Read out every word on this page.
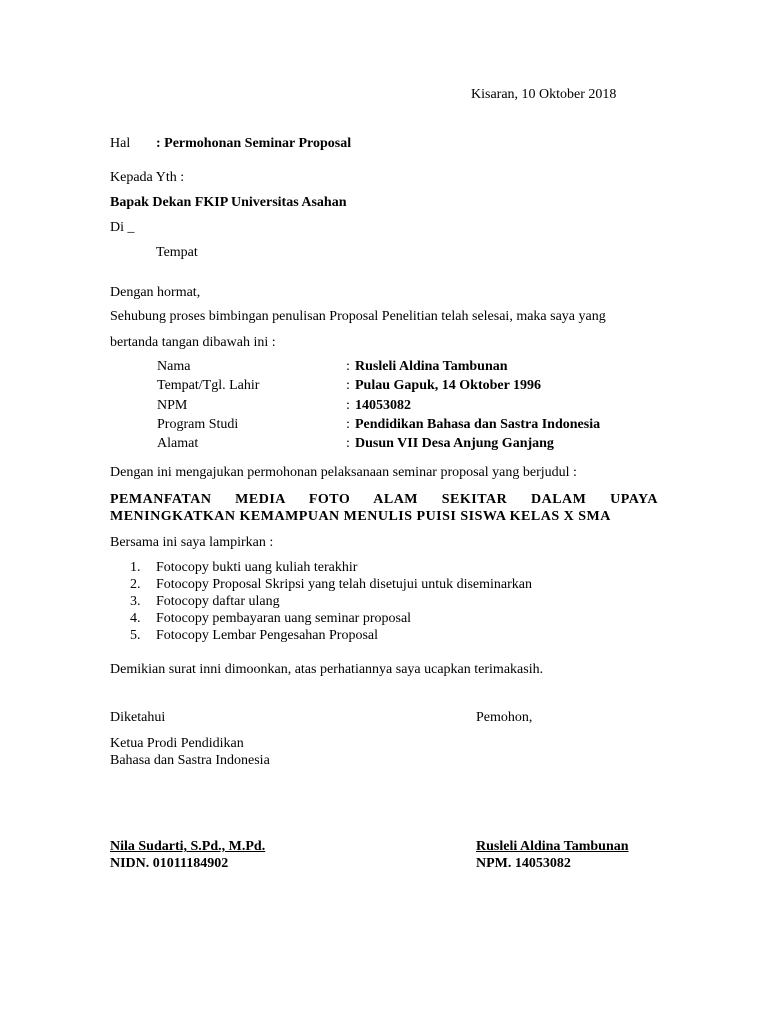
Kisaran, 10 Oktober 2018
Hal : Permohonan Seminar Proposal
Kepada Yth :
Bapak Dekan FKIP Universitas Asahan
Di _
Tempat
Dengan hormat,
Sehubung proses bimbingan penulisan Proposal Penelitian telah selesai, maka saya yang
bertanda tangan dibawah ini :
Nama	: Rusleli Aldina Tambunan
Tempat/Tgl. Lahir	: Pulau Gapuk, 14 Oktober 1996
NPM	: 14053082
Program Studi	: Pendidikan Bahasa dan Sastra Indonesia
Alamat	: Dusun VII Desa Anjung Ganjang
Dengan ini mengajukan permohonan pelaksanaan seminar proposal yang berjudul :
PEMANFATAN MEDIA FOTO ALAM SEKITAR DALAM UPAYA
MENINGKATKAN KEMAMPUAN MENULIS PUISI SISWA KELAS X SMA
Bersama ini saya lampirkan :
1. Fotocopy bukti uang kuliah terakhir
2. Fotocopy Proposal Skripsi yang telah disetujui untuk diseminarkan
3. Fotocopy daftar ulang
4. Fotocopy pembayaran uang seminar proposal
5. Fotocopy Lembar Pengesahan Proposal
Demikian surat inni dimoonkan, atas perhatiannya saya ucapkan terimakasih.
Diketahui	Pemohon,
Ketua Prodi Pendidikan
Bahasa dan Sastra Indonesia
Nila Sudarti, S.Pd., M.Pd.
NIDN. 01011184902
Rusleli Aldina Tambunan
NPM. 14053082
